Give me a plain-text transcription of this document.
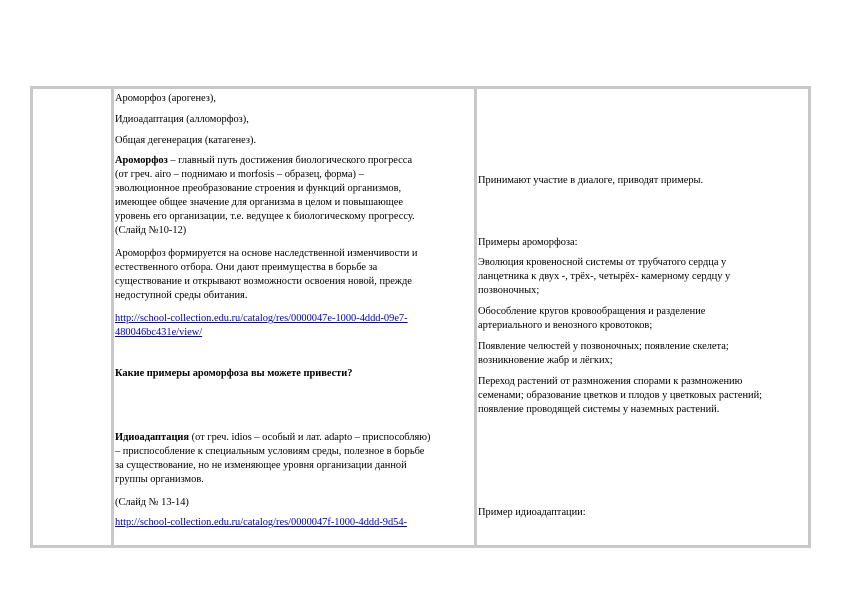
Ароморфоз (арогенез),
Идиоадаптация (алломорфоз),
Общая дегенерация (катагенез).
Ароморфоз – главный путь достижения биологического прогресса
(от греч. airo – поднимаю и morfosis – образец, форма) –
эволюционное преобразование строения и функций организмов,
имеющее общее значение для организма в целом и повышающее
уровень его организации, т.е. ведущее к биологическому прогрессу.
(Слайд №10-12)
Ароморфоз формируется на основе наследственной изменчивости и
естественного отбора. Они дают преимущества в борьбе за
существование и открывают возможности освоения новой, прежде
недоступной среды обитания.
http://school-collection.edu.ru/catalog/res/0000047e-1000-4ddd-09e7-
480046bc431e/view/
Какие примеры ароморфоза вы можете привести?
Идиоадаптация (от греч. idios – особый и лат. adapto – приспособляю)
– приспособление к специальным условиям среды, полезное в борьбе
за существование, но не изменяющее уровня организации данной
группы организмов.
(Слайд № 13-14)
http://school-collection.edu.ru/catalog/res/0000047f-1000-4ddd-9d54-
Принимают участие в диалоге, приводят примеры.
Примеры ароморфоза:
Эволюция кровеносной системы от трубчатого сердца у
ланцетника к двух -, трёх-, четырёх- камерному сердцу у
позвоночных;
Обособление кругов кровообращения и разделение
артериального и венозного кровотоков;
Появление челюстей у позвоночных; появление скелета;
возникновение жабр и лёгких;
Переход растений от размножения спорами к размножению
семенами; образование цветков и плодов у цветковых растений;
появление проводящей системы у наземных растений.
Пример идиоадаптации:
